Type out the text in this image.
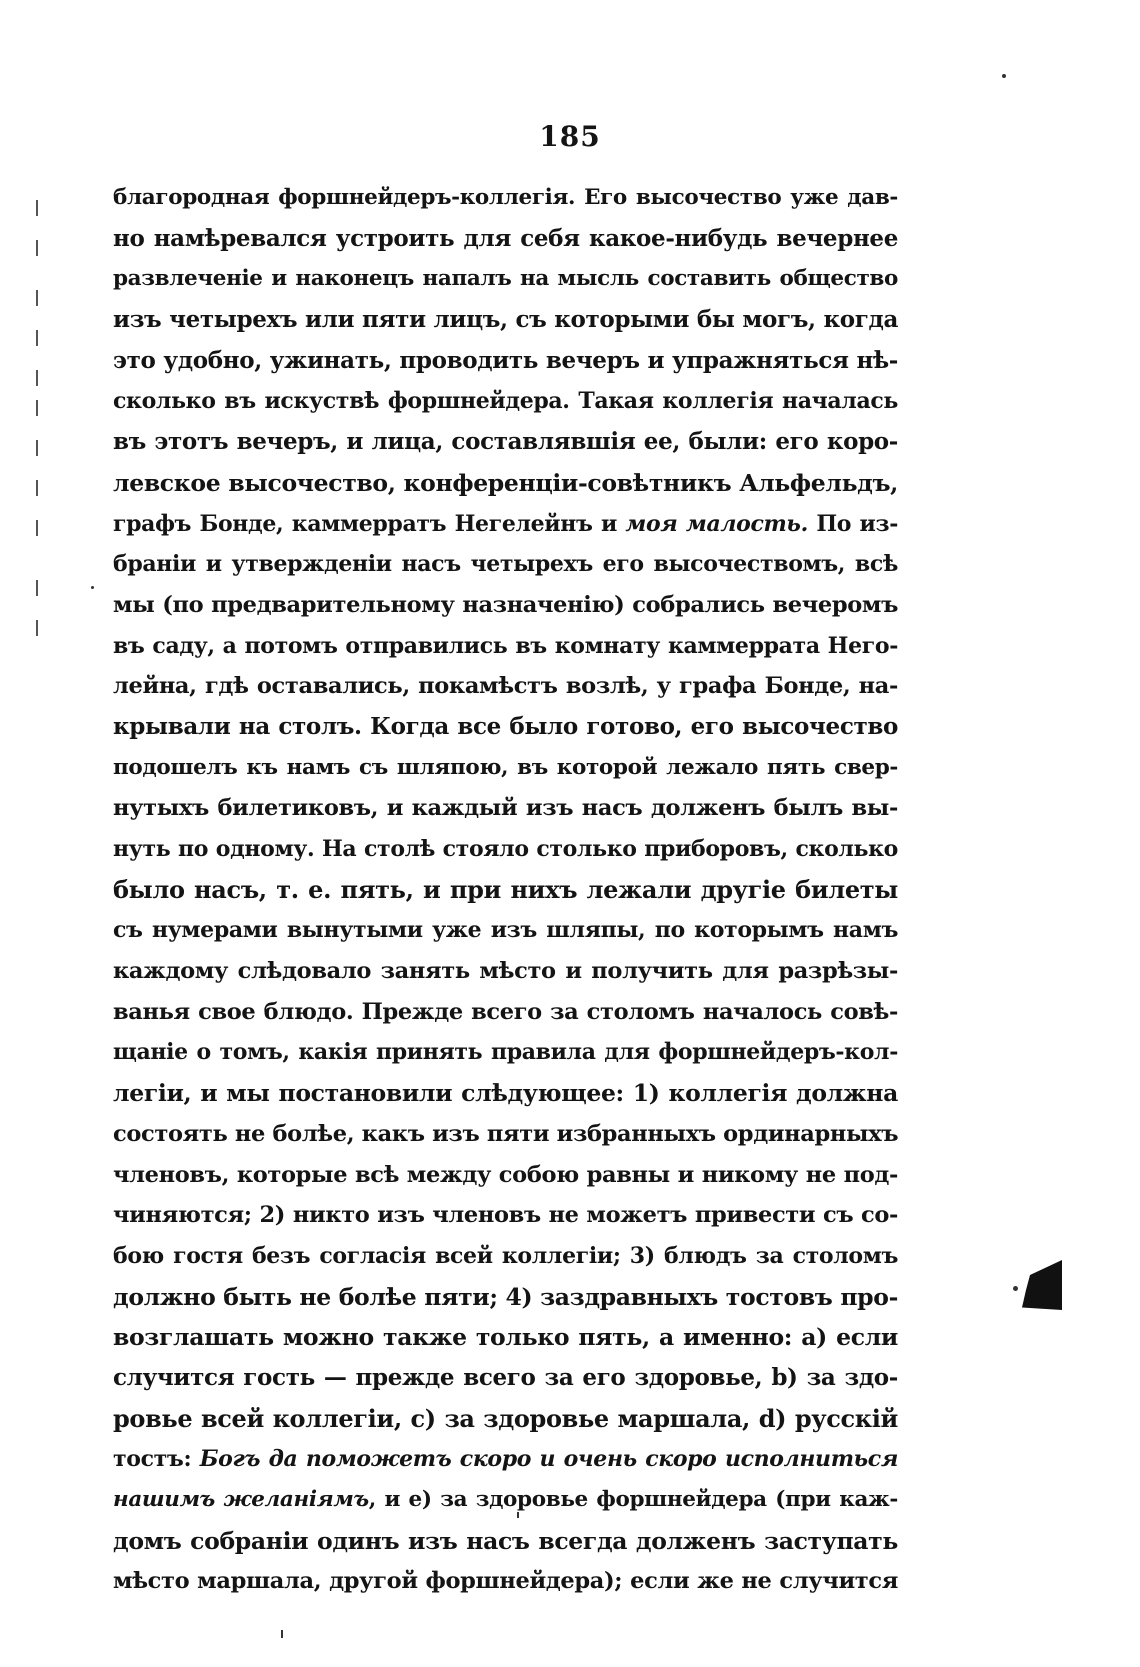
185
благородная форшнейдеръ-коллегія. Его высочество уже дав-
но намѣревался устроить для себя какое-нибудь вечернее
развлеченіе и наконецъ напалъ на мысль составить общество
изъ четырехъ или пяти лицъ, съ которыми бы могъ, когда
это удобно, ужинать, проводить вечеръ и упражняться нѣ-
сколько въ искуствѣ форшнейдера. Такая коллегія началась
въ этотъ вечеръ, и лица, составлявшія ее, были: его коро-
левское высочество, конференціи-совѣтникъ Альфельдъ,
графъ Бонде, каммерратъ Негелейнъ и моя малость. По из-
браніи и утвержденіи насъ четырехъ его высочествомъ, всѣ
мы (по предварительному назначенію) собрались вечеромъ
въ саду, а потомъ отправились въ комнату каммеррата Него-
лейна, гдѣ оставались, покамѣстъ возлѣ, у графа Бонде, на-
крывали на столъ. Когда все было готово, его высочество
подошелъ къ намъ съ шляпою, въ которой лежало пять свер-
нутыхъ билетиковъ, и каждый изъ насъ долженъ былъ вы-
нуть по одному. На столѣ стояло столько приборовъ, сколько
было насъ, т. е. пять, и при нихъ лежали другіе билеты
съ нумерами вынутыми уже изъ шляпы, по которымъ намъ
каждому слѣдовало занять мѣсто и получить для разрѣзы-
ванья свое блюдо. Прежде всего за столомъ началось совѣ-
щаніе о томъ, какія принять правила для форшнейдеръ-кол-
легіи, и мы постановили слѣдующее: 1) коллегія должна
состоять не болѣе, какъ изъ пяти избранныхъ ординарныхъ
членовъ, которые всѣ между собою равны и никому не под-
чиняются; 2) никто изъ членовъ не можетъ привести съ со-
бою гостя безъ согласія всей коллегіи; 3) блюдъ за столомъ
должно быть не болѣе пяти; 4) заздравныхъ тостовъ про-
возглашать можно также только пять, а именно: a) если
случится гость — прежде всего за его здоровье, b) за здо-
ровье всей коллегіи, c) за здоровье маршала, d) русскій
тостъ: Богъ да поможетъ скоро и очень скоро исполниться
нашимъ желаніямъ, и e) за здоровье форшнейдера (при каж-
домъ собраніи одинъ изъ насъ всегда долженъ заступать
мѣсто маршала, другой форшнейдера); если же не случится
